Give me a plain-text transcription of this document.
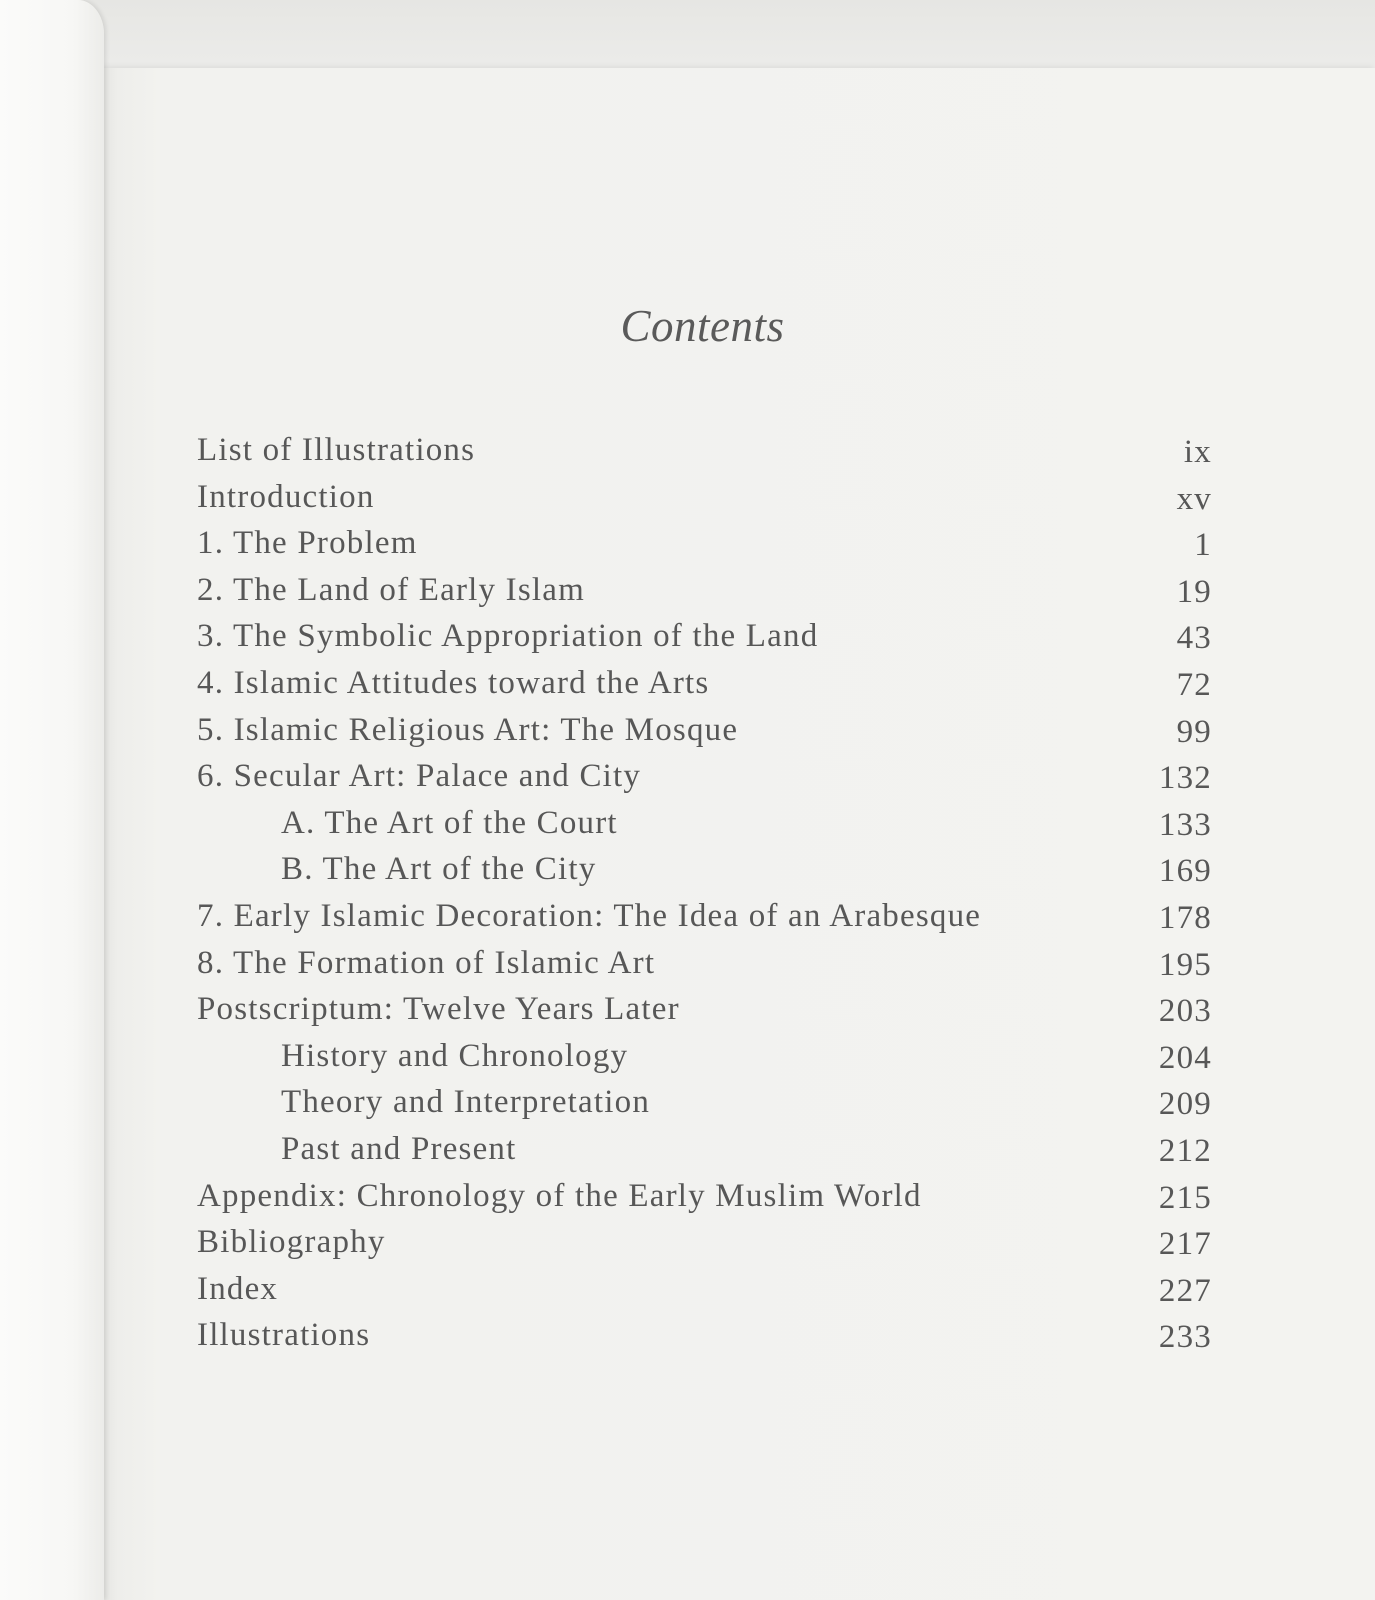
Contents
List of Illustrations	ix
Introduction	xv
1. The Problem	1
2. The Land of Early Islam	19
3. The Symbolic Appropriation of the Land	43
4. Islamic Attitudes toward the Arts	72
5. Islamic Religious Art: The Mosque	99
6. Secular Art: Palace and City	132
A. The Art of the Court	133
B. The Art of the City	169
7. Early Islamic Decoration: The Idea of an Arabesque	178
8. The Formation of Islamic Art	195
Postscriptum: Twelve Years Later	203
History and Chronology	204
Theory and Interpretation	209
Past and Present	212
Appendix: Chronology of the Early Muslim World	215
Bibliography	217
Index	227
Illustrations	233
